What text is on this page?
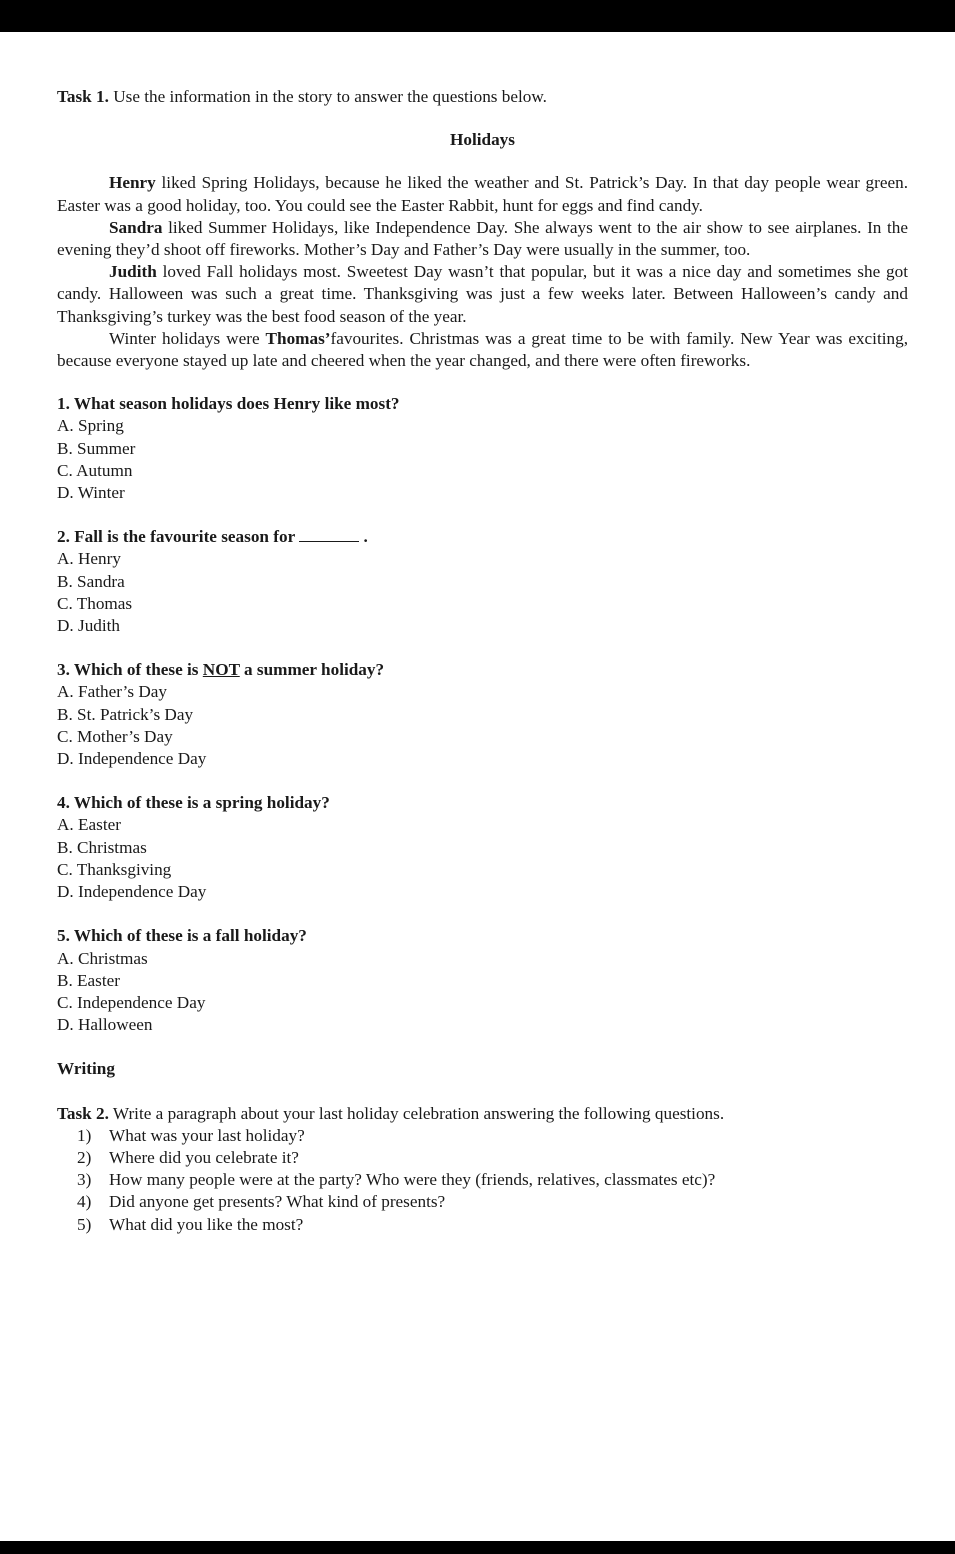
Task 1. Use the information in the story to answer the questions below.

Holidays

Henry liked Spring Holidays, because he liked the weather and St. Patrick’s Day. In that day people wear green. Easter was a good holiday, too. You could see the Easter Rabbit, hunt for eggs and find candy.

Sandra liked Summer Holidays, like Independence Day. She always went to the air show to see airplanes. In the evening they’d shoot off fireworks. Mother’s Day and Father’s Day were usually in the summer, too.

Judith loved Fall holidays most. Sweetest Day wasn’t that popular, but it was a nice day and sometimes she got candy. Halloween was such a great time. Thanksgiving was just a few weeks later. Between Halloween’s candy and Thanksgiving’s turkey was the best food season of the year.

Winter holidays were Thomas’favourites. Christmas was a great time to be with family. New Year was exciting, because everyone stayed up late and cheered when the year changed, and there were often fireworks.

1. What season holidays does Henry like most?
A. Spring
B. Summer
C. Autumn
D. Winter
2. Fall is the favourite season for	.
A. Henry
B. Sandra
C. Thomas
D. Judith
3. Which of these is NOT a summer holiday?
A. Father’s Day
B. St. Patrick’s Day
C. Mother’s Day
D. Independence Day
4. Which of these is a spring holiday?
A. Easter
B. Christmas
C. Thanksgiving
D. Independence Day
5. Which of these is a fall holiday?
A. Christmas
B. Easter
C. Independence Day
D. Halloween
Writing
Task 2. Write a paragraph about your last holiday celebration answering the following questions.
1)	What was your last holiday?
2)	Where did you celebrate it?
3)	How many people were at the party? Who were they (friends, relatives, classmates etc)?
4)	Did anyone get presents? What kind of presents?
5)	What did you like the most?
